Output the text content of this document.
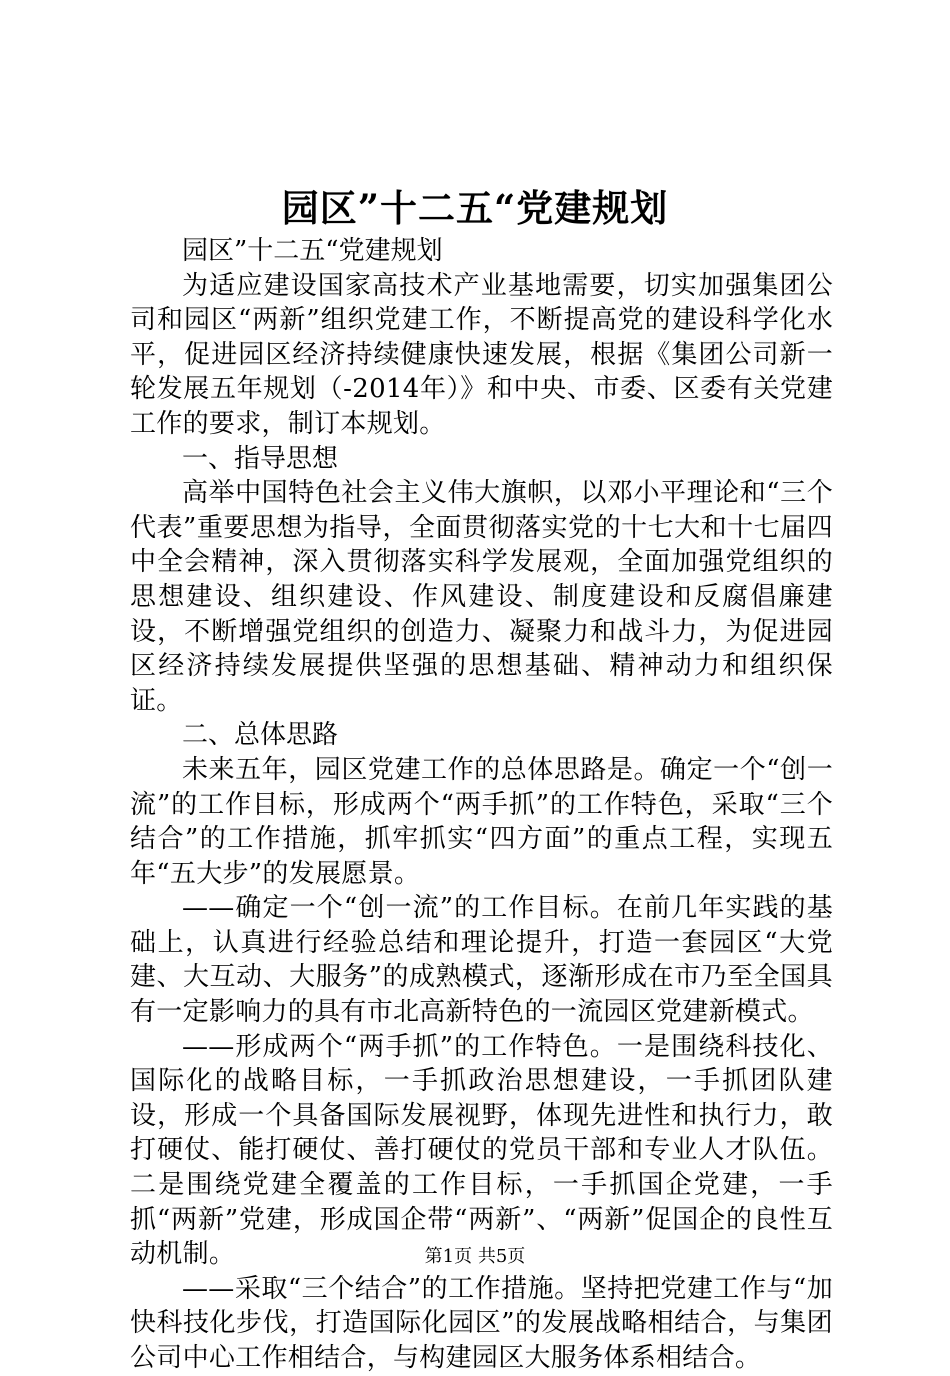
园区”十二五“党建规划

园区”十二五“党建规划

为适应建设国家高技术产业基地需要，切实加强集团公司和园区“两新”组织党建工作，不断提高党的建设科学化水平，促进园区经济持续健康快速发展，根据《集团公司新一轮发展五年规划（-2014年）》和中央、市委、区委有关党建工作的要求，制订本规划。

一、指导思想

高举中国特色社会主义伟大旗帜，以邓小平理论和“三个代表”重要思想为指导，全面贯彻落实党的十七大和十七届四中全会精神，深入贯彻落实科学发展观，全面加强党组织的思想建设、组织建设、作风建设、制度建设和反腐倡廉建设，不断增强党组织的创造力、凝聚力和战斗力，为促进园区经济持续发展提供坚强的思想基础、精神动力和组织保证。

二、总体思路

未来五年，园区党建工作的总体思路是。确定一个“创一流”的工作目标，形成两个“两手抓”的工作特色，采取“三个结合”的工作措施，抓牢抓实“四方面”的重点工程，实现五年“五大步”的发展愿景。

——确定一个“创一流”的工作目标。在前几年实践的基础上，认真进行经验总结和理论提升，打造一套园区“大党建、大互动、大服务”的成熟模式，逐渐形成在市乃至全国具有一定影响力的具有市北高新特色的一流园区党建新模式。

——形成两个“两手抓”的工作特色。一是围绕科技化、国际化的战略目标，一手抓政治思想建设，一手抓团队建设，形成一个具备国际发展视野，体现先进性和执行力，敢打硬仗、能打硬仗、善打硬仗的党员干部和专业人才队伍。二是围绕党建全覆盖的工作目标，一手抓国企党建，一手抓“两新”党建，形成国企带“两新”、“两新”促国企的良性互动机制。

——采取“三个结合”的工作措施。坚持把党建工作与“加快科技化步伐，打造国际化园区”的发展战略相结合，与集团公司中心工作相结合，与构建园区大服务体系相结合。

第1页 共5页
